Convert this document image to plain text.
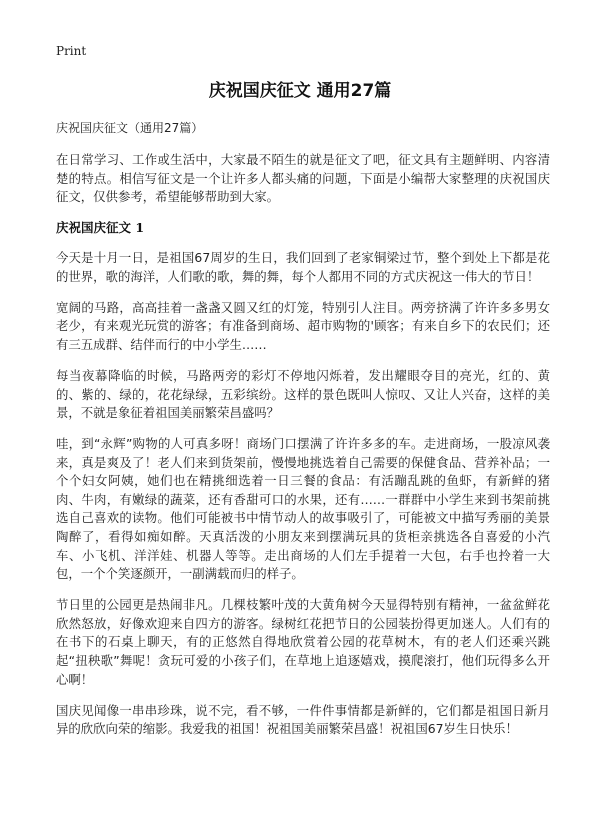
Print
庆祝国庆征文 通用27篇

庆祝国庆征文（通用27篇）

在日常学习、工作或生活中，大家最不陌生的就是征文了吧，征文具有主题鲜明、内容清楚的特点。相信写征文是一个让许多人都头痛的问题，下面是小编帮大家整理的庆祝国庆征文，仅供参考，希望能够帮助到大家。

庆祝国庆征文 1

今天是十月一日，是祖国67周岁的生日，我们回到了老家铜梁过节，整个到处上下都是花的世界，歌的海洋，人们歌的歌，舞的舞，每个人都用不同的方式庆祝这一伟大的节日！

宽阔的马路，高高挂着一盏盏又圆又红的灯笼，特别引人注目。两旁挤满了许许多多男女老少，有来观光玩赏的游客；有准备到商场、超市购物的'顾客；有来自乡下的农民们；还有三五成群、结伴而行的中小学生……

每当夜幕降临的时候，马路两旁的彩灯不停地闪烁着，发出耀眼夺目的亮光，红的、黄的、紫的、绿的，花花绿绿，五彩缤纷。这样的景色既叫人惊叹、又让人兴奋，这样的美景，不就是象征着祖国美丽繁荣昌盛吗？

哇，到“永辉”购物的人可真多呀！商场门口摆满了许许多多的车。走进商场，一股凉风袭来，真是爽及了！老人们来到货架前，慢慢地挑选着自己需要的保健食品、营养补品；一个个妇女阿姨，她们也在精挑细选着一日三餐的食品：有活蹦乱跳的鱼虾，有新鲜的猪肉、牛肉，有嫩绿的蔬菜，还有香甜可口的水果，还有……一群群中小学生来到书架前挑选自己喜欢的读物。他们可能被书中情节动人的故事吸引了，可能被文中描写秀丽的美景陶醉了，看得如痴如醉。天真活泼的小朋友来到摆满玩具的货柜亲挑选各自喜爱的小汽车、小飞机、洋洋娃、机器人等等。走出商场的人们左手提着一大包，右手也拎着一大包，一个个笑逐颜开，一副满载而归的样子。

节日里的公园更是热闹非凡。几棵枝繁叶茂的大黄角树今天显得特别有精神，一盆盆鲜花欣然怒放，好像欢迎来自四方的游客。绿树红花把节日的公园装扮得更加迷人。人们有的在书下的石桌上聊天，有的正悠然自得地欣赏着公园的花草树木，有的老人们还乘兴跳起“扭秧歌”舞呢！贪玩可爱的小孩子们，在草地上追逐嬉戏，摸爬滚打，他们玩得多么开心啊！

国庆见闻像一串串珍珠，说不完，看不够，一件件事情都是新鲜的，它们都是祖国日新月异的欣欣向荣的缩影。我爱我的祖国！祝祖国美丽繁荣昌盛！祝祖国67岁生日快乐！
